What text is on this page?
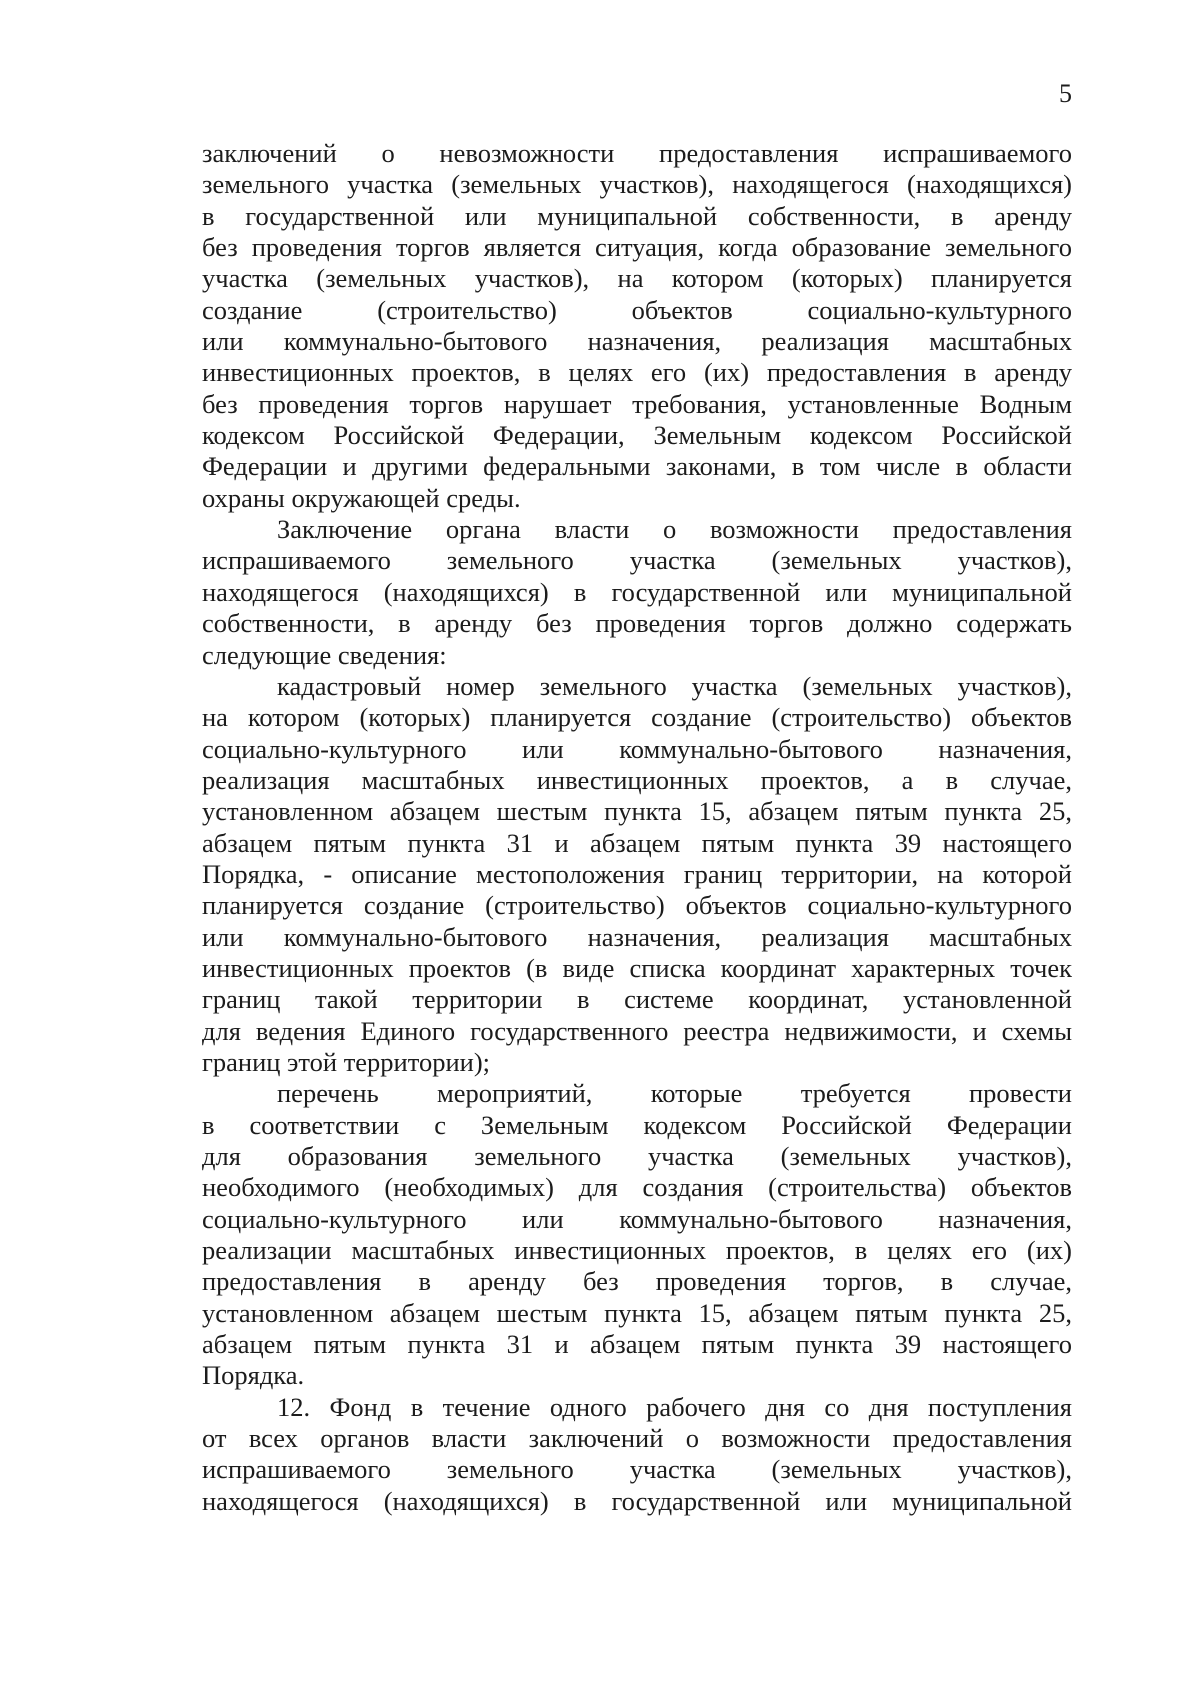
5

заключений о невозможности предоставления испрашиваемого
земельного участка (земельных участков), находящегося (находящихся)
в государственной или муниципальной собственности, в аренду
без проведения торгов является ситуация, когда образование земельного
участка (земельных участков), на котором (которых) планируется
создание (строительство) объектов социально-культурного
или коммунально-бытового назначения, реализация масштабных
инвестиционных проектов, в целях его (их) предоставления в аренду
без проведения торгов нарушает требования, установленные Водным
кодексом Российской Федерации, Земельным кодексом Российской
Федерации и другими федеральными законами, в том числе в области
охраны окружающей среды.

Заключение органа власти о возможности предоставления
испрашиваемого земельного участка (земельных участков),
находящегося (находящихся) в государственной или муниципальной
собственности, в аренду без проведения торгов должно содержать
следующие сведения:

кадастровый номер земельного участка (земельных участков),
на котором (которых) планируется создание (строительство) объектов
социально-культурного или коммунально-бытового назначения,
реализация масштабных инвестиционных проектов, а в случае,
установленном абзацем шестым пункта 15, абзацем пятым пункта 25,
абзацем пятым пункта 31 и абзацем пятым пункта 39 настоящего
Порядка, - описание местоположения границ территории, на которой
планируется создание (строительство) объектов социально-культурного
или коммунально-бытового назначения, реализация масштабных
инвестиционных проектов (в виде списка координат характерных точек
границ такой территории в системе координат, установленной
для ведения Единого государственного реестра недвижимости, и схемы
границ этой территории);

перечень мероприятий, которые требуется провести
в соответствии с Земельным кодексом Российской Федерации
для образования земельного участка (земельных участков),
необходимого (необходимых) для создания (строительства) объектов
социально-культурного или коммунально-бытового назначения,
реализации масштабных инвестиционных проектов, в целях его (их)
предоставления в аренду без проведения торгов, в случае,
установленном абзацем шестым пункта 15, абзацем пятым пункта 25,
абзацем пятым пункта 31 и абзацем пятым пункта 39 настоящего
Порядка.

12. Фонд в течение одного рабочего дня со дня поступления
от всех органов власти заключений о возможности предоставления
испрашиваемого земельного участка (земельных участков),
находящегося (находящихся) в государственной или муниципальной
